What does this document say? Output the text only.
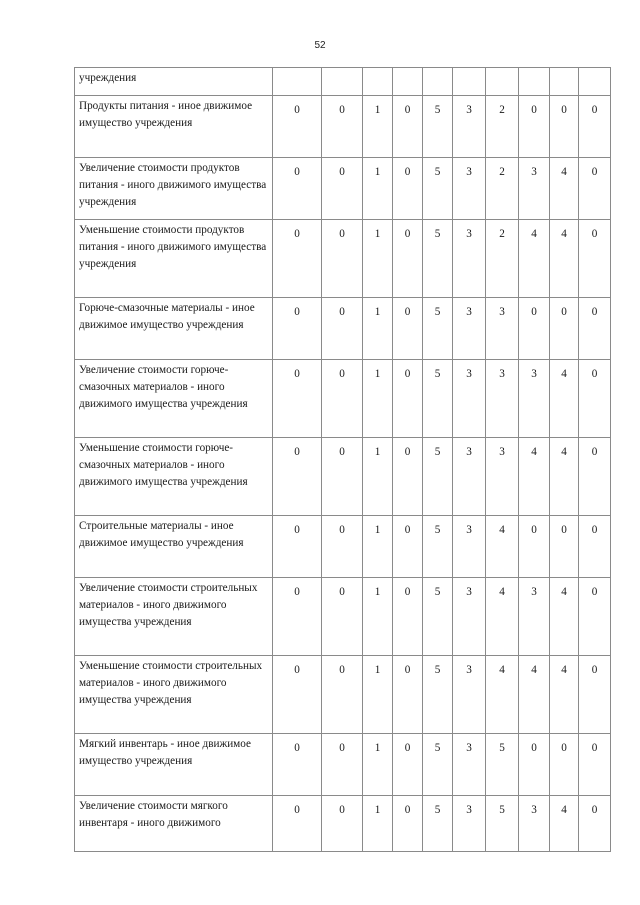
52
учреждения										
Продукты питания - иное движимое имущество учреждения	0	0	1	0	5	3	2	0	0	0
Увеличение стоимости продуктов питания - иного движимого имущества учреждения	0	0	1	0	5	3	2	3	4	0
Уменьшение стоимости продуктов питания - иного движимого имущества учреждения	0	0	1	0	5	3	2	4	4	0
Горюче-смазочные материалы - иное движимое имущество учреждения	0	0	1	0	5	3	3	0	0	0
Увеличение стоимости горюче-смазочных материалов - иного движимого имущества учреждения	0	0	1	0	5	3	3	3	4	0
Уменьшение стоимости горюче-смазочных материалов - иного движимого имущества учреждения	0	0	1	0	5	3	3	4	4	0
Строительные материалы - иное движимое имущество учреждения	0	0	1	0	5	3	4	0	0	0
Увеличение стоимости строительных материалов - иного движимого имущества учреждения	0	0	1	0	5	3	4	3	4	0
Уменьшение стоимости строительных материалов - иного движимого имущества учреждения	0	0	1	0	5	3	4	4	4	0
Мягкий инвентарь - иное движимое имущество учреждения	0	0	1	0	5	3	5	0	0	0
Увеличение стоимости мягкого инвентаря - иного движимого	0	0	1	0	5	3	5	3	4	0
